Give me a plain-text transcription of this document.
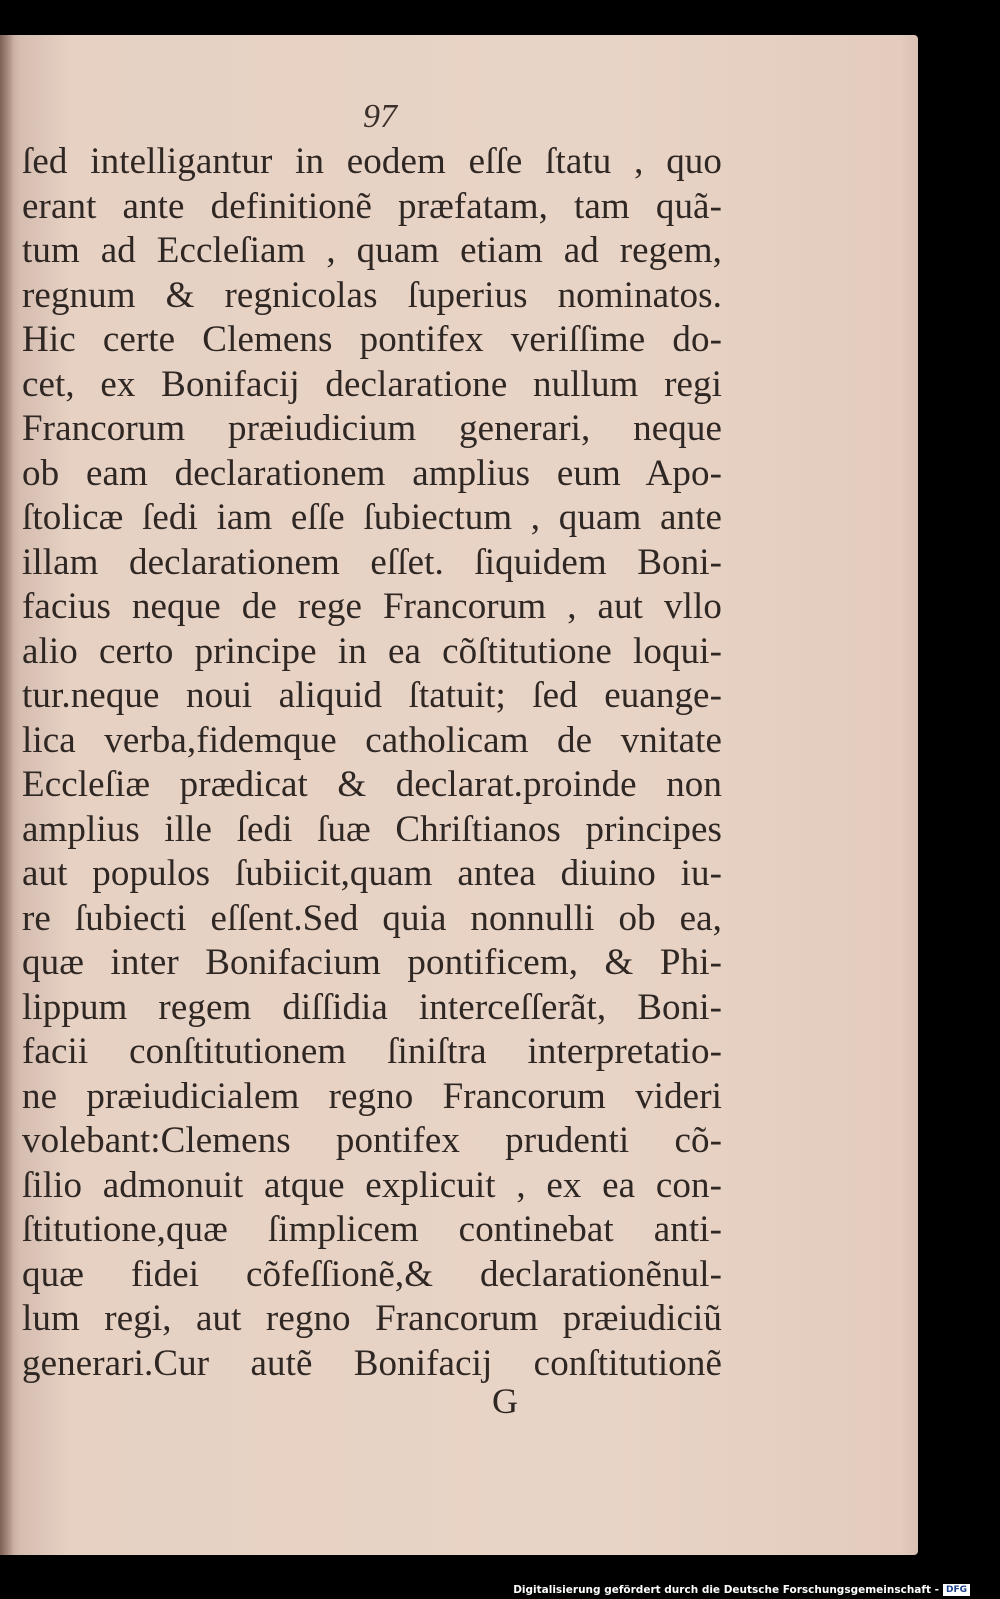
97
ſed intelligantur in eodem eſſe ſtatu , quo
erant ante definitionẽ præfatam, tam quã-
tum ad Eccleſiam , quam etiam ad regem,
regnum & regnicolas ſuperius nominatos.
Hic certe Clemens pontifex veriſſime do-
cet, ex Bonifacij declaratione nullum regi
Francorum præiudicium generari, neque
ob eam declarationem amplius eum Apo-
ſtolicæ ſedi iam eſſe ſubiectum , quam ante
illam declarationem eſſet. ſiquidem Boni-
facius neque de rege Francorum , aut vllo
alio certo principe in ea cõſtitutione loqui-
tur.neque noui aliquid ſtatuit; ſed euange-
lica verba,fidemque catholicam de vnitate
Eccleſiæ prædicat & declarat.proinde non
amplius ille ſedi ſuæ Chriſtianos principes
aut populos ſubiicit,quam antea diuino iu-
re ſubiecti eſſent.Sed quia nonnulli ob ea,
quæ inter Bonifacium pontificem, & Phi-
lippum regem diſſidia interceſſerãt, Boni-
facii conſtitutionem ſiniſtra interpretatio-
ne præiudicialem regno Francorum videri
volebant:Clemens pontifex prudenti cõ-
ſilio admonuit atque explicuit , ex ea con-
ſtitutione,quæ ſimplicem continebat anti-
quæ fidei cõfeſſionẽ,& declarationẽnul-
lum regi, aut regno Francorum præiudiciũ
generari.Cur autẽ Bonifacij conſtitutionẽ
G
Digitalisierung gefördert durch die Deutsche Forschungsgemeinschaft - DFG
